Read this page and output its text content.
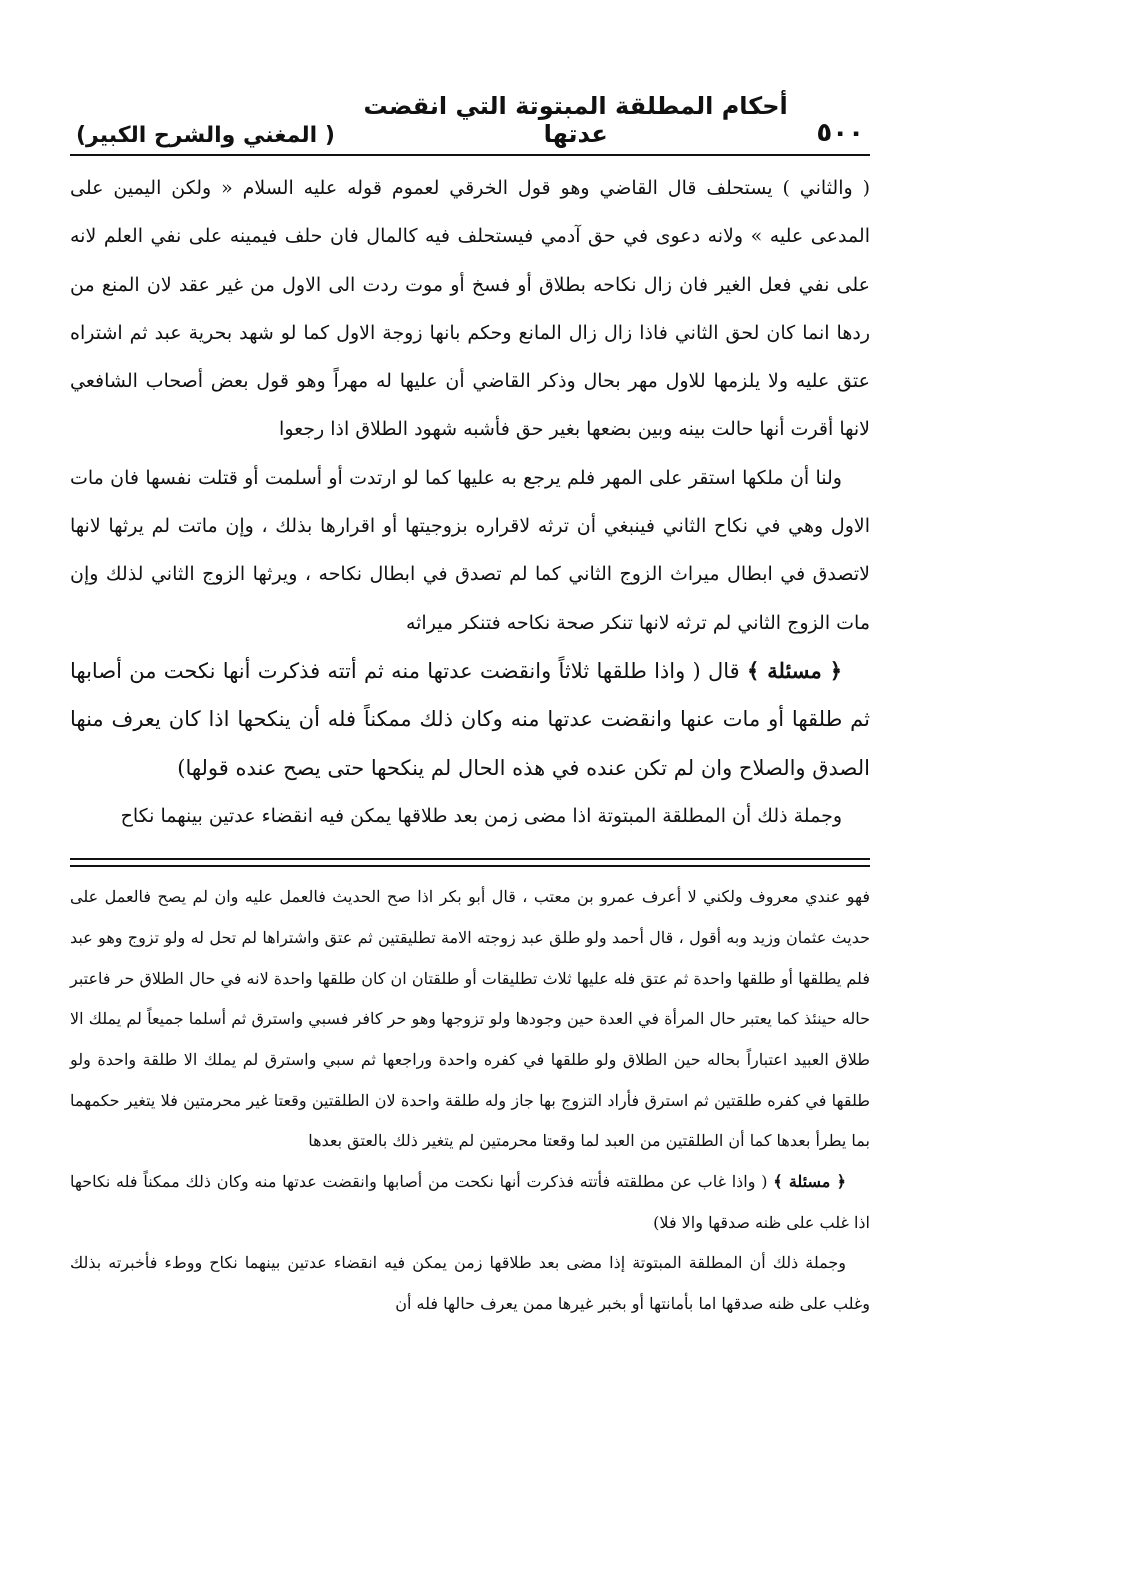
٥٠٠
أحكام المطلقة المبتوتة التي انقضت عدتها
( المغني والشرح الكبير)

( والثاني ) يستحلف قال القاضي وهو قول الخرقي لعموم قوله عليه السلام « ولكن اليمين على المدعى عليه » ولانه دعوى في حق آدمي فيستحلف فيه كالمال فان حلف فيمينه على نفي العلم لانه على نفي فعل الغير فان زال نكاحه بطلاق أو فسخ أو موت ردت الى الاول من غير عقد لان المنع من ردها انما كان لحق الثاني فاذا زال زال المانع وحكم بانها زوجة الاول كما لو شهد بحرية عبد ثم اشتراه عتق عليه ولا يلزمها للاول مهر بحال وذكر القاضي أن عليها له مهراً وهو قول بعض أصحاب الشافعي لانها أقرت أنها حالت بينه وبين بضعها بغير حق فأشبه شهود الطلاق اذا رجعوا

ولنا أن ملكها استقر على المهر فلم يرجع به عليها كما لو ارتدت أو أسلمت أو قتلت نفسها فان مات الاول وهي في نكاح الثاني فينبغي أن ترثه لاقراره بزوجيتها أو اقرارها بذلك ، وإن ماتت لم يرثها لانها لاتصدق في ابطال ميراث الزوج الثاني كما لم تصدق في ابطال نكاحه ، ويرثها الزوج الثاني لذلك وإن مات الزوج الثاني لم ترثه لانها تنكر صحة نكاحه فتنكر ميراثه

﴿ مسئلة ﴾ قال ( واذا طلقها ثلاثاً وانقضت عدتها منه ثم أتته فذكرت أنها نكحت من أصابها ثم طلقها أو مات عنها وانقضت عدتها منه وكان ذلك ممكناً فله أن ينكحها اذا كان يعرف منها الصدق والصلاح وان لم تكن عنده في هذه الحال لم ينكحها حتى يصح عنده قولها)

وجملة ذلك أن المطلقة المبتوتة اذا مضى زمن بعد طلاقها يمكن فيه انقضاء عدتين بينهما نكاح

فهو عندي معروف ولكني لا أعرف عمرو بن معتب ، قال أبو بكر اذا صح الحديث فالعمل عليه وان لم يصح فالعمل على حديث عثمان وزيد وبه أقول ، قال أحمد ولو طلق عبد زوجته الامة تطليقتين ثم عتق واشتراها لم تحل له ولو تزوج وهو عبد فلم يطلقها أو طلقها واحدة ثم عتق فله عليها ثلاث تطليقات أو طلقتان ان كان طلقها واحدة لانه في حال الطلاق حر فاعتبر حاله حينئذ كما يعتبر حال المرأة في العدة حين وجودها ولو تزوجها وهو حر كافر فسبي واسترق ثم أسلما جميعاً لم يملك الا طلاق العبيد اعتباراً بحاله حين الطلاق ولو طلقها في كفره واحدة وراجعها ثم سبي واسترق لم يملك الا طلقة واحدة ولو طلقها في كفره طلقتين ثم استرق فأراد التزوج بها جاز وله طلقة واحدة لان الطلقتين وقعتا غير محرمتين فلا يتغير حكمهما بما يطرأ بعدها كما أن الطلقتين من العبد لما وقعتا محرمتين لم يتغير ذلك بالعتق بعدها

﴿ مسئلة ﴾ ( واذا غاب عن مطلقته فأتته فذكرت أنها نكحت من أصابها وانقضت عدتها منه وكان ذلك ممكناً فله نكاحها اذا غلب على ظنه صدقها والا فلا)

وجملة ذلك أن المطلقة المبتوتة إذا مضى بعد طلاقها زمن يمكن فيه انقضاء عدتين بينهما نكاح ووطء فأخبرته بذلك وغلب على ظنه صدقها اما بأمانتها أو بخبر غيرها ممن يعرف حالها فله أن
